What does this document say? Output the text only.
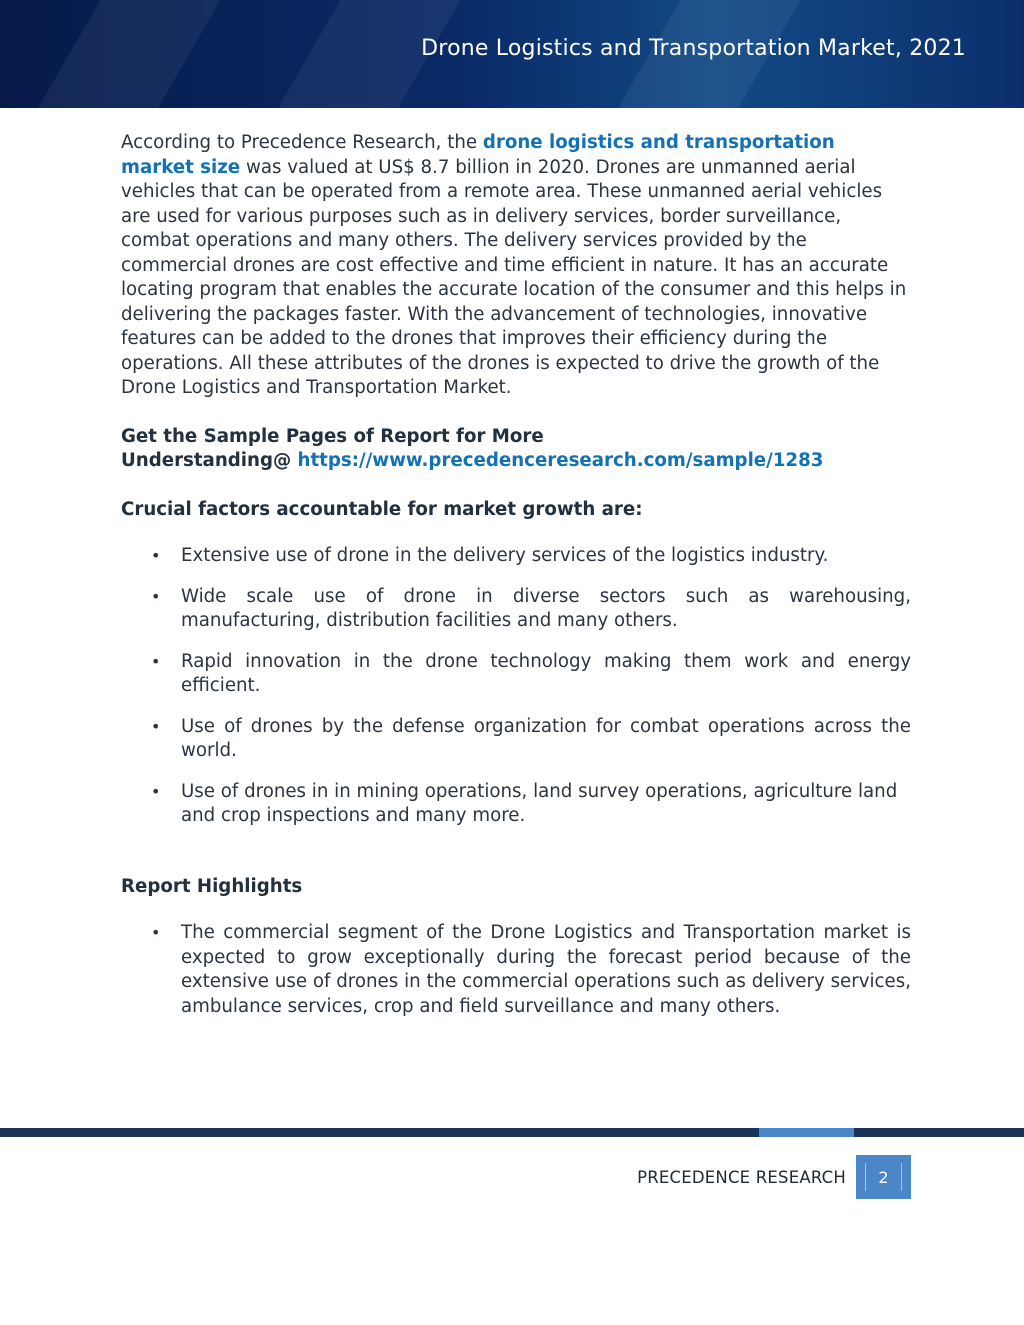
Drone Logistics and Transportation Market, 2021

According to Precedence Research, the drone logistics and transportation market size was valued at US$ 8.7 billion in 2020. Drones are unmanned aerial vehicles that can be operated from a remote area. These unmanned aerial vehicles are used for various purposes such as in delivery services, border surveillance, combat operations and many others. The delivery services provided by the commercial drones are cost effective and time efficient in nature. It has an accurate locating program that enables the accurate location of the consumer and this helps in delivering the packages faster. With the advancement of technologies, innovative features can be added to the drones that improves their efficiency during the operations. All these attributes of the drones is expected to drive the growth of the Drone Logistics and Transportation Market.

Get the Sample Pages of Report for More
Understanding@ https://www.precedenceresearch.com/sample/1283

Crucial factors accountable for market growth are:

• Extensive use of drone in the delivery services of the logistics industry.
• Wide scale use of drone in diverse sectors such as warehousing, manufacturing, distribution facilities and many others.
• Rapid innovation in the drone technology making them work and energy efficient.
• Use of drones by the defense organization for combat operations across the world.
• Use of drones in in mining operations, land survey operations, agriculture land and crop inspections and many more.

Report Highlights

• The commercial segment of the Drone Logistics and Transportation market is expected to grow exceptionally during the forecast period because of the extensive use of drones in the commercial operations such as delivery services, ambulance services, crop and field surveillance and many others.
PRECEDENCE RESEARCH 2
